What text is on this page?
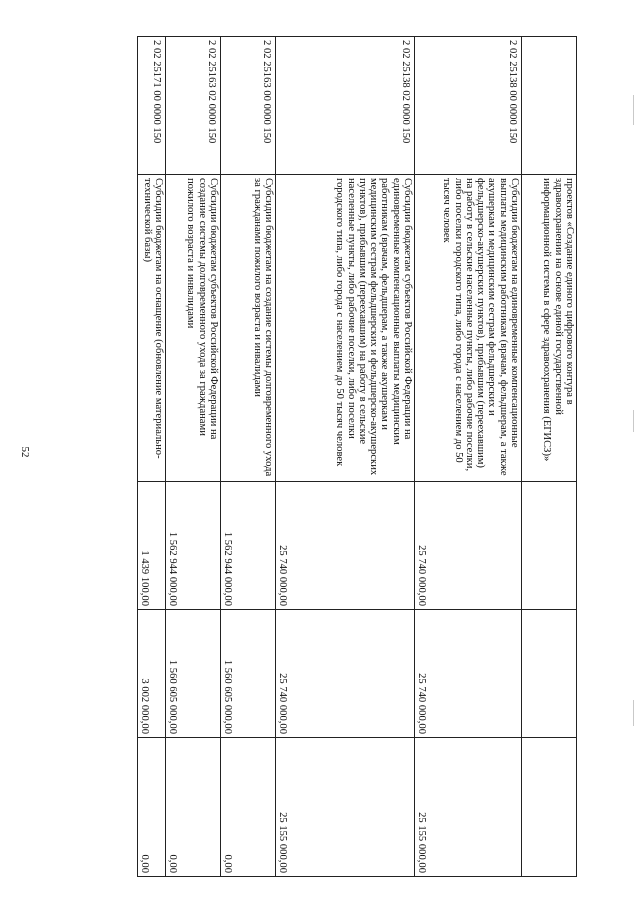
52
	проектов «Создание единого цифрового контура в здравоохранении на основе единой государственной информационной системы в сфере здравоохранения (ЕГИСЗ)»			
2 02 25138 00 0000 150	Субсидии бюджетам на единовременные компенсационные выплаты медицинским работникам (врачам, фельдшерам, а также акушеркам и медицинским сестрам фельдшерских и фельдшерско-акушерских пунктов), прибывшим (переехавшим) на работу в сельские населенные пункты, либо рабочие поселки, либо поселки городского типа, либо города с населением до 50 тысяч человек	25 740 000,00	25 740 000,00	25 155 000,00
2 02 25138 02 0000 150	Субсидии бюджетам субъектов Российской Федерации на единовременные компенсационные выплаты медицинским работникам (врачам, фельдшерам, а также акушеркам и медицинским сестрам фельдшерских и фельдшерско-акушерских пунктов), прибывшим (переехавшим) на работу в сельские населенные пункты, либо рабочие поселки, либо поселки городского типа, либо города с населением до 50 тысяч человек	25 740 000,00	25 740 000,00	25 155 000,00
2 02 25163 00 0000 150	Субсидии бюджетам на создание системы долговременного ухода за гражданами пожилого возраста и инвалидами	1 562 944 000,00	1 560 605 000,00	0,00
2 02 25163 02 0000 150	Субсидии бюджетам субъектов Российской Федерации на создание системы долговременного ухода за гражданами пожилого возраста и инвалидами	1 562 944 000,00	1 560 605 000,00	0,00
2 02 25171 00 0000 150	Субсидии бюджетам на оснащение (обновление материально-технической базы)	1 439 100,00	3 002 000,00	0,00
